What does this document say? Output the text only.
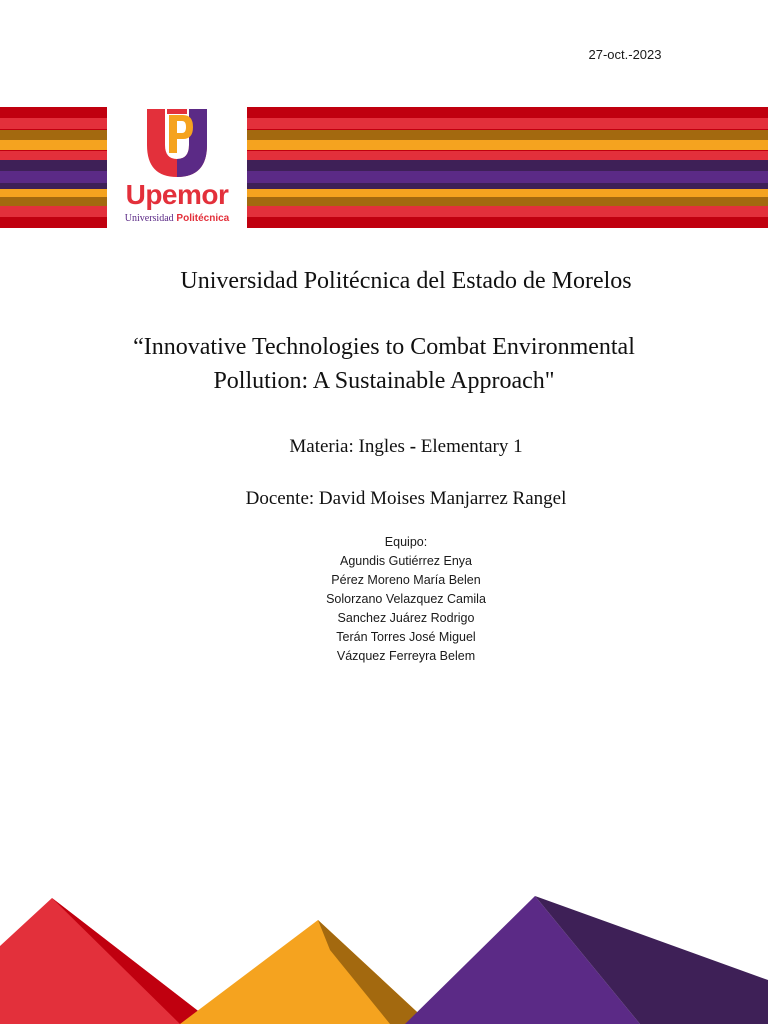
27-oct.-2023
Upemor
Universidad Politécnica
Universidad Politécnica del Estado de Morelos
“Innovative Technologies to Combat Environmental
Pollution: A Sustainable Approach"
Materia: Ingles - Elementary 1
Docente: David Moises Manjarrez Rangel
Equipo:
Agundis Gutiérrez Enya
Pérez Moreno María Belen
Solorzano Velazquez Camila
Sanchez Juárez Rodrigo
Terán Torres José Miguel
Vázquez Ferreyra Belem
